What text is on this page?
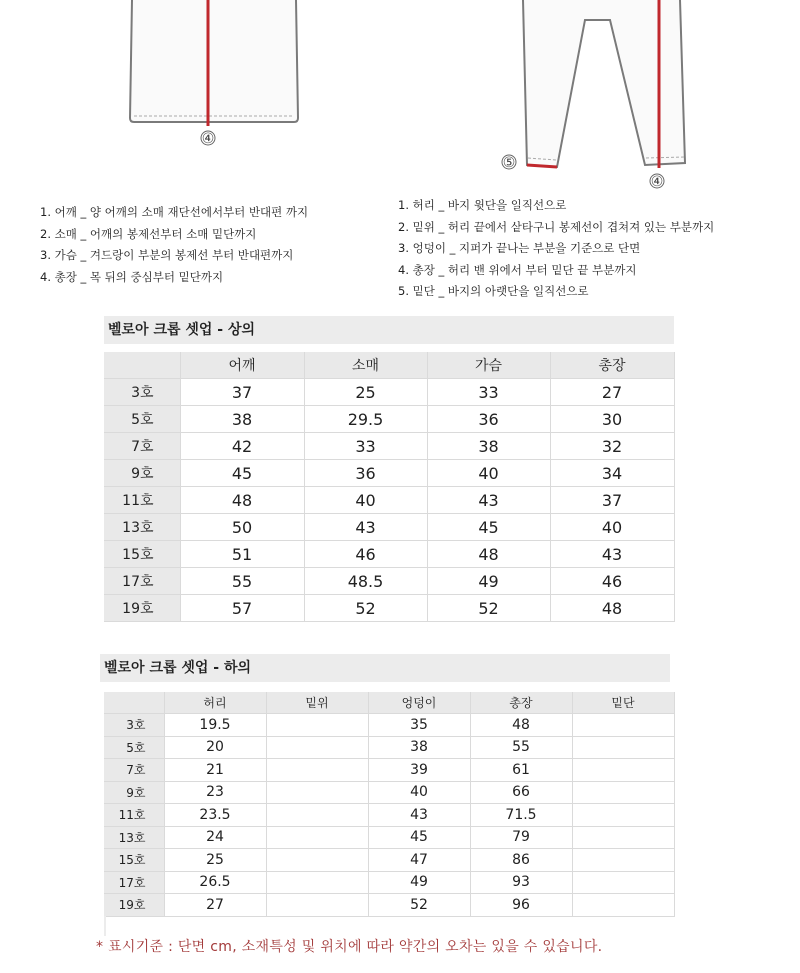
④
⑤
④
1. 어깨 _ 양 어깨의 소매 재단선에서부터 반대편 까지
2. 소매 _ 어깨의 봉제선부터 소매 밑단까지
3. 가슴 _ 겨드랑이 부분의 봉제선 부터 반대편까지
4. 총장 _ 목 뒤의 중심부터 밑단까지
1. 허리 _ 바지 윗단을 일직선으로
2. 밑위 _ 허리 끝에서 샅타구니 봉제선이 겹쳐져 있는 부분까지
3. 엉덩이 _ 지퍼가 끝나는 부분을 기준으로 단면
4. 총장 _ 허리 밴 위에서 부터 밑단 끝 부분까지
5. 밑단 _ 바지의 아랫단을 일직선으로
벨로아 크롭 셋업 - 상의
	어깨	소매	가슴	총장
3호	37	25	33	27
5호	38	29.5	36	30
7호	42	33	38	32
9호	45	36	40	34
11호	48	40	43	37
13호	50	43	45	40
15호	51	46	48	43
17호	55	48.5	49	46
19호	57	52	52	48
벨로아 크롭 셋업 - 하의
	허리	밑위	엉덩이	총장	밑단
3호	19.5		35	48	
5호	20		38	55	
7호	21		39	61	
9호	23		40	66	
11호	23.5		43	71.5	
13호	24		45	79	
15호	25		47	86	
17호	26.5		49	93	
19호	27		52	96	
* 표시기준 : 단면 cm, 소재특성 및 위치에 따라 약간의 오차는 있을 수 있습니다.
